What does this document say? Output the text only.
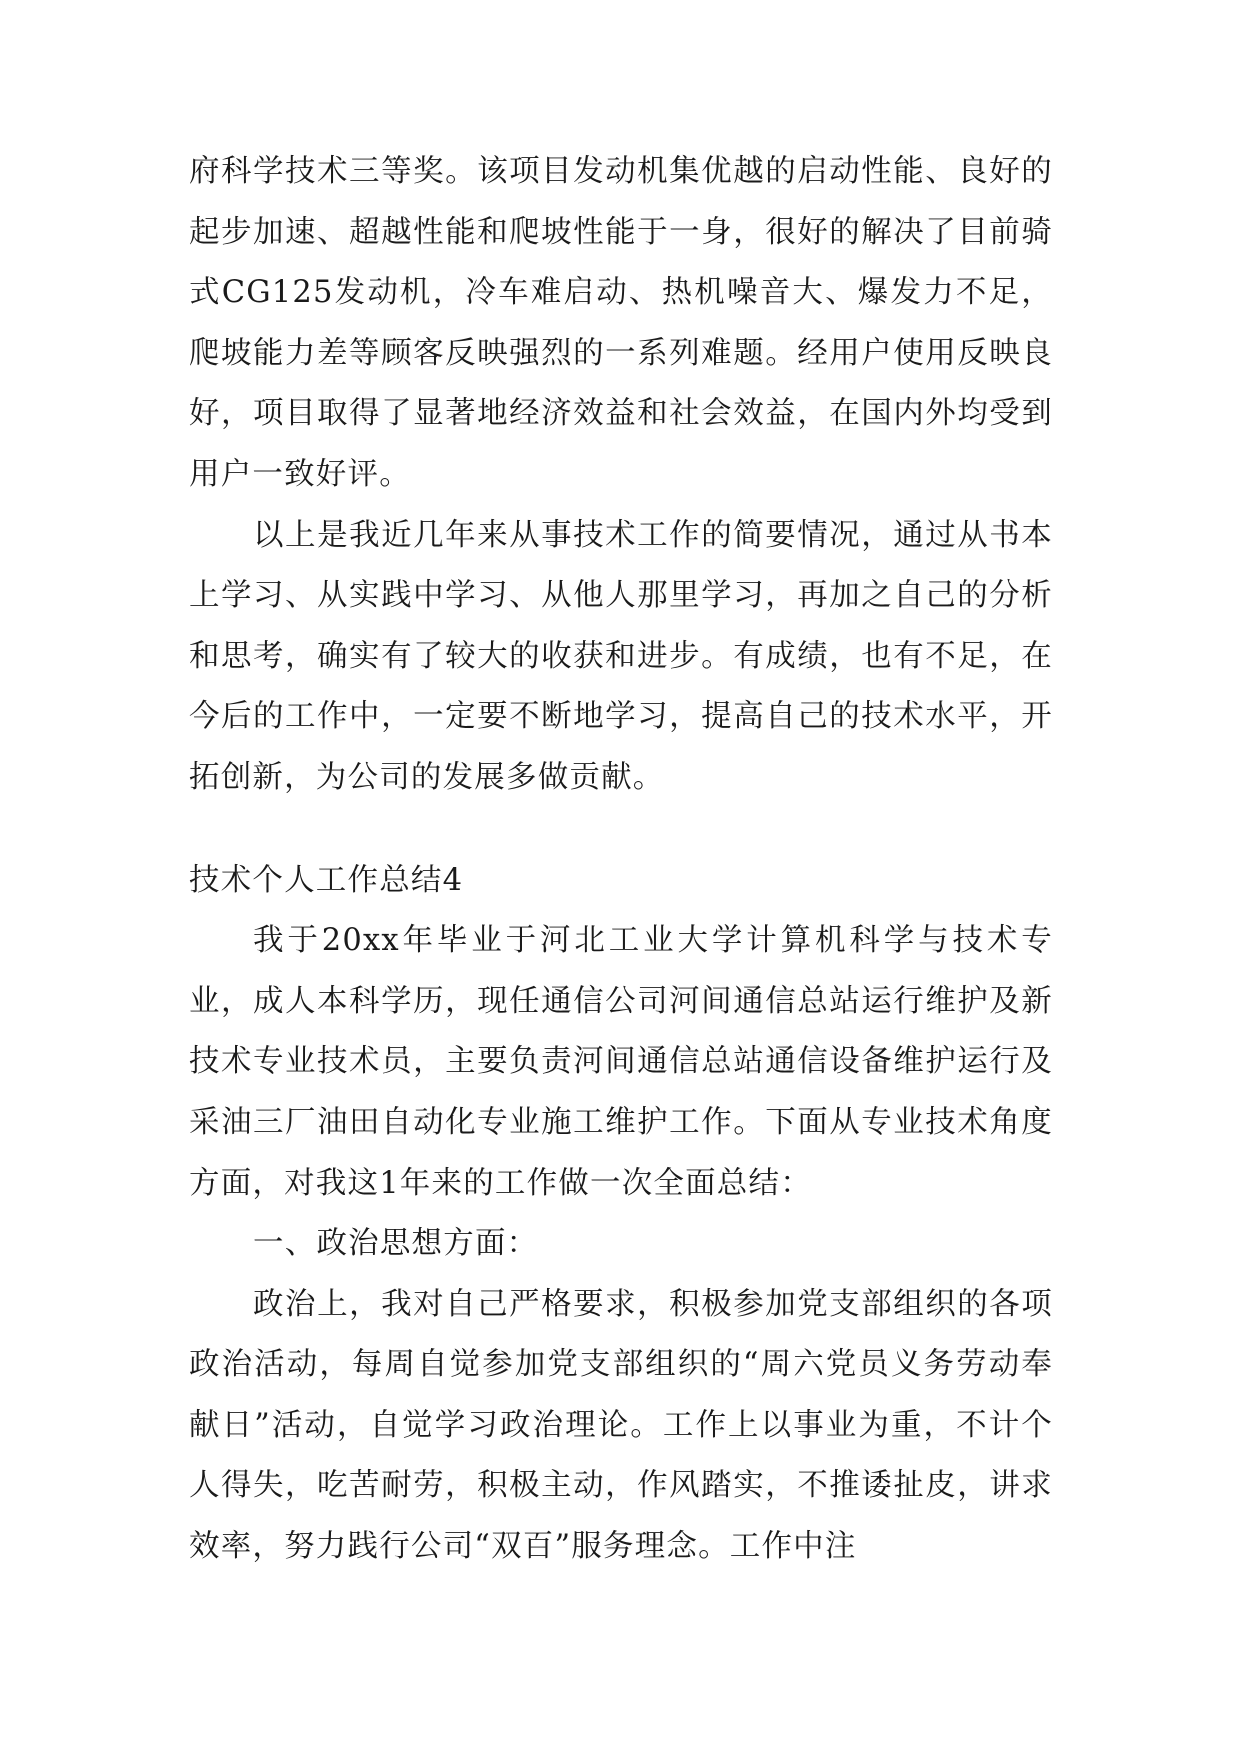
府科学技术三等奖。该项目发动机集优越的启动性能、良好的起步加速、超越性能和爬坡性能于一身，很好的解决了目前骑式CG125发动机，冷车难启动、热机噪音大、爆发力不足，爬坡能力差等顾客反映强烈的一系列难题。经用户使用反映良好，项目取得了显著地经济效益和社会效益，在国内外均受到用户一致好评。

以上是我近几年来从事技术工作的简要情况，通过从书本上学习、从实践中学习、从他人那里学习，再加之自己的分析和思考，确实有了较大的收获和进步。有成绩，也有不足，在今后的工作中，一定要不断地学习，提高自己的技术水平，开拓创新，为公司的发展多做贡献。

技术个人工作总结4

我于20xx年毕业于河北工业大学计算机科学与技术专业，成人本科学历，现任通信公司河间通信总站运行维护及新技术专业技术员，主要负责河间通信总站通信设备维护运行及采油三厂油田自动化专业施工维护工作。下面从专业技术角度方面，对我这1年来的工作做一次全面总结：

一、政治思想方面：

政治上，我对自己严格要求，积极参加党支部组织的各项政治活动，每周自觉参加党支部组织的“周六党员义务劳动奉献日”活动，自觉学习政治理论。工作上以事业为重，不计个人得失，吃苦耐劳，积极主动，作风踏实，不推诿扯皮，讲求效率，努力践行公司“双百”服务理念。工作中注
